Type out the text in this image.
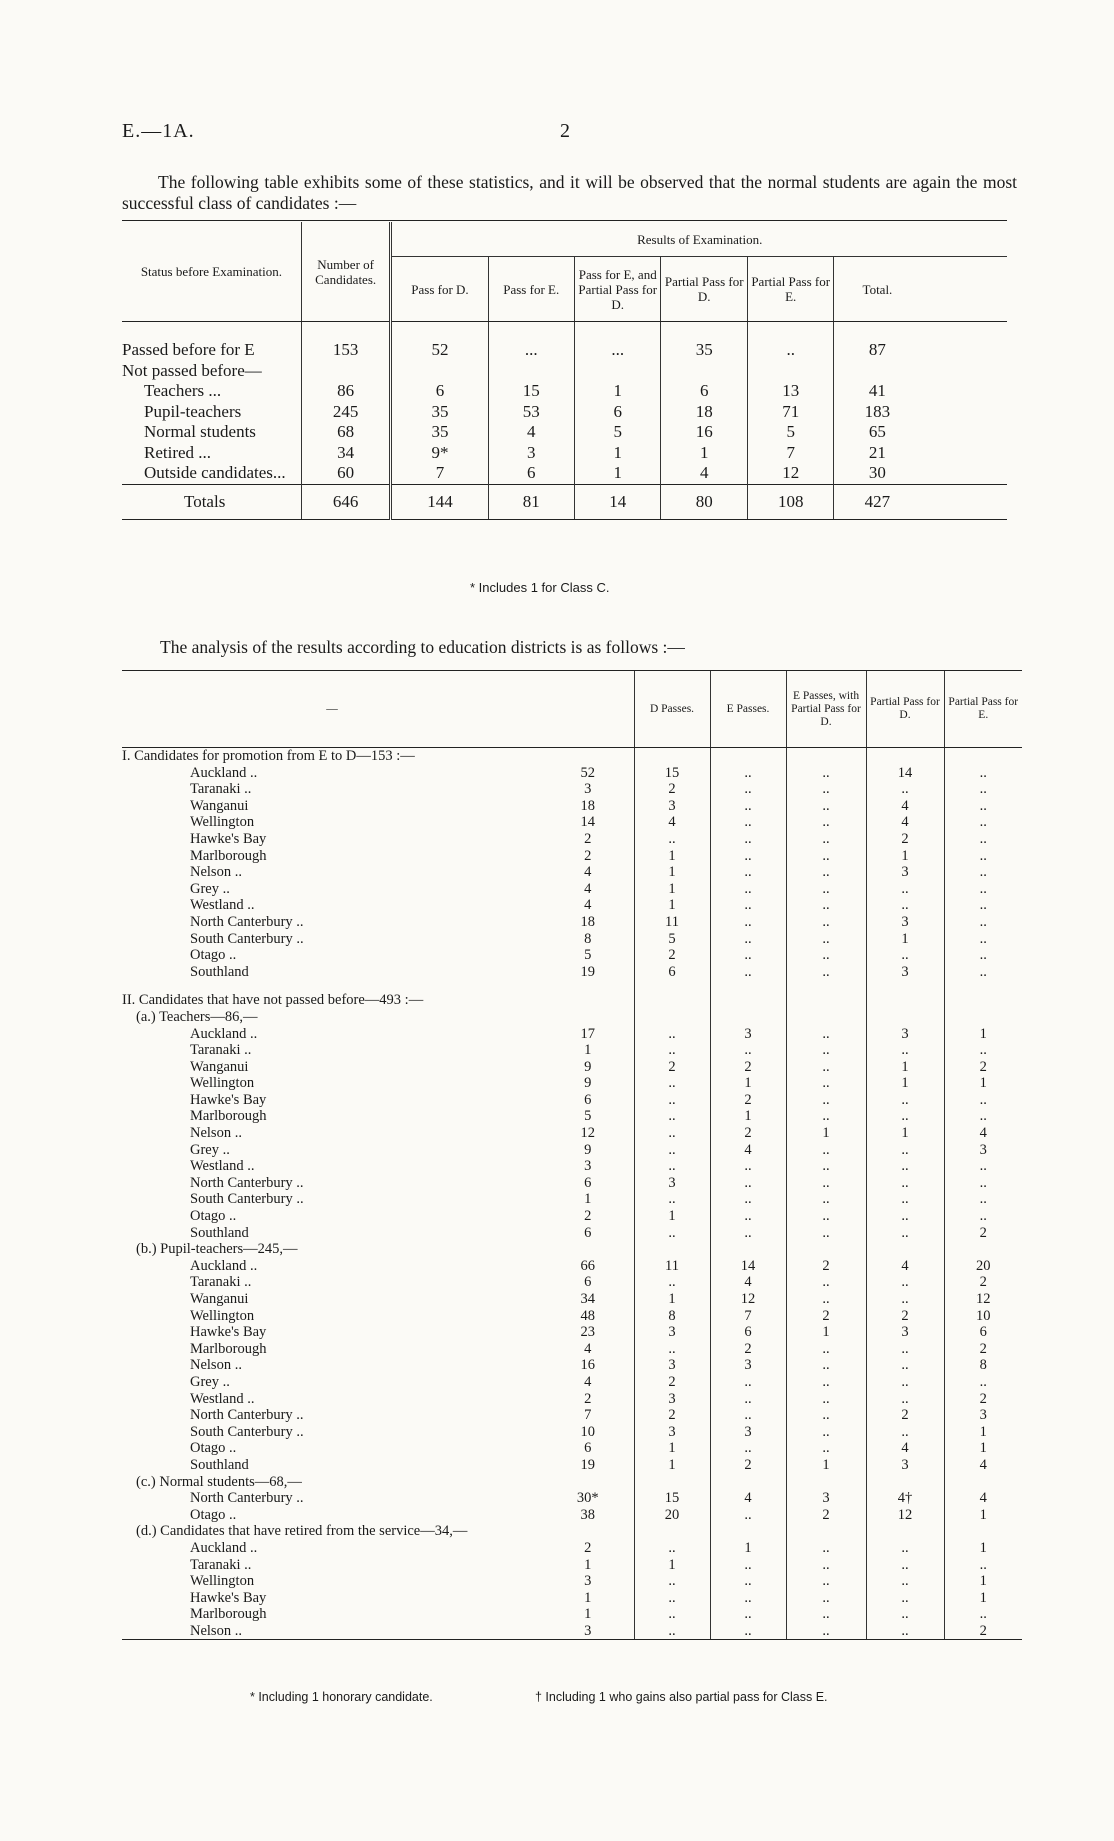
E.—1A.	2
The following table exhibits some of these statistics, and it will be observed that the normal students are again the most successful class of candidates :—
Status before Examination.	Number of Candidates.	Results of Examination.						
		Pass for D.	Pass for E.	Pass for E, and Partial Pass for D.	Partial Pass for D.	Partial Pass for E.	Total.	

Passed before for E	153	52	...	...	35	..	87	
Not passed before—								
Teachers ...	86	6	15	1	6	13	41	
Pupil-teachers	245	35	53	6	18	71	183	
Normal students	68	35	4	5	16	5	65	
Retired ...	34	9*	3	1	1	7	21	
Outside candidates...	60	7	6	1	4	12	30	
Totals	646	144	81	14	80	108	427	
* Includes 1 for Class C.
The analysis of the results according to education districts is as follows :—
—		D Passes.	E Passes.	E Passes, with Partial Pass for D.	Partial Pass for D.	Partial Pass for E.
I. Candidates for promotion from E to D—153 :—						
Auckland ..	52	15	..	..	14	..
Taranaki ..	3	2	..	..	..	..
Wanganui	18	3	..	..	4	..
Wellington	14	4	..	..	4	..
Hawke's Bay	2	..	..	..	2	..
Marlborough	2	1	..	..	1	..
Nelson ..	4	1	..	..	3	..
Grey ..	4	1	..	..	..	..
Westland ..	4	1	..	..	..	..
North Canterbury ..	18	11	..	..	3	..
South Canterbury ..	8	5	..	..	1	..
Otago ..	5	2	..	..	..	..
Southland	19	6	..	..	3	..

II. Candidates that have not passed before—493 :—						
(a.) Teachers—86,—						
Auckland ..	17	..	3	..	3	1
Taranaki ..	1	..	..	..	..	..
Wanganui	9	2	2	..	1	2
Wellington	9	..	1	..	1	1
Hawke's Bay	6	..	2	..	..	..
Marlborough	5	..	1	..	..	..
Nelson ..	12	..	2	1	1	4
Grey ..	9	..	4	..	..	3
Westland ..	3	..	..	..	..	..
North Canterbury ..	6	3	..	..	..	..
South Canterbury ..	1	..	..	..	..	..
Otago ..	2	1	..	..	..	..
Southland	6	..	..	..	..	2
(b.) Pupil-teachers—245,—						
Auckland ..	66	11	14	2	4	20
Taranaki ..	6	..	4	..	..	2
Wanganui	34	1	12	..	..	12
Wellington	48	8	7	2	2	10
Hawke's Bay	23	3	6	1	3	6
Marlborough	4	..	2	..	..	2
Nelson ..	16	3	3	..	..	8
Grey ..	4	2	..	..	..	..
Westland ..	2	3	..	..	..	2
North Canterbury ..	7	2	..	..	2	3
South Canterbury ..	10	3	3	..	..	1
Otago ..	6	1	..	..	4	1
Southland	19	1	2	1	3	4
(c.) Normal students—68,—						
North Canterbury ..	30*	15	4	3	4†	4
Otago ..	38	20	..	2	12	1
(d.) Candidates that have retired from the service—34,—						
Auckland ..	2	..	1	..	..	1
Taranaki ..	1	1	..	..	..	..
Wellington	3	..	..	..	..	1
Hawke's Bay	1	..	..	..	..	1
Marlborough	1	..	..	..	..	..
Nelson ..	3	..	..	..	..	2
* Including 1 honorary candidate.	† Including 1 who gains also partial pass for Class E.
